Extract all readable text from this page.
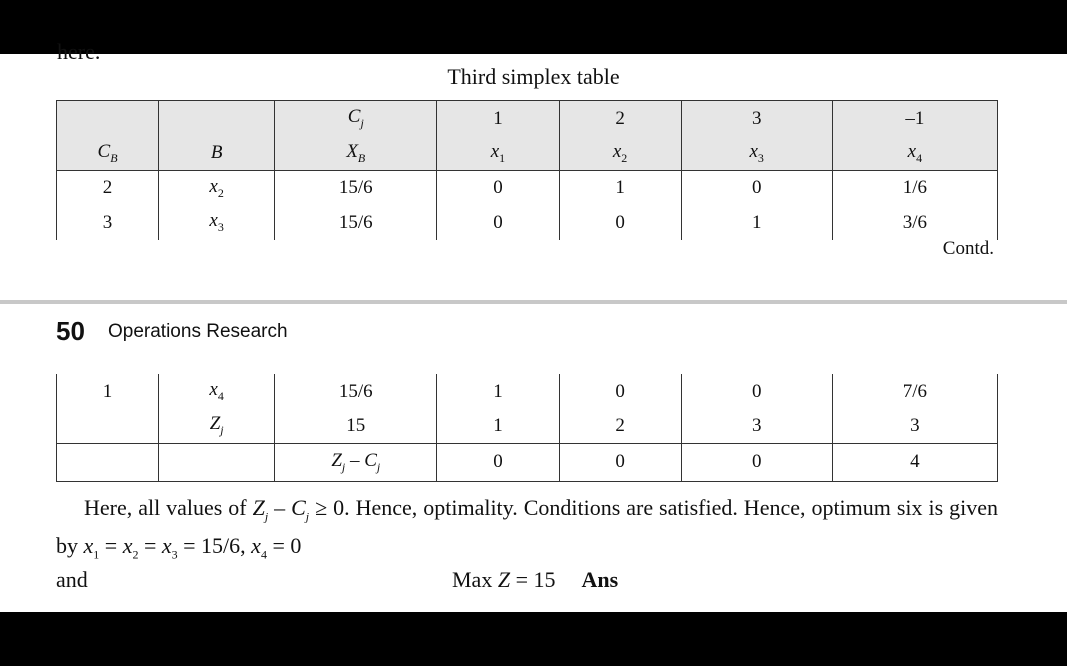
here.
Third simplex table
		$C_j$	1	2	3	–1
$C_B$	B	$X_B$	$x_1$	$x_2$	$x_3$	$x_4$
2	$x_2$	15/6	0	1	0	1/6
3	$x_3$	15/6	0	0	1	3/6
Contd.
50 Operations Research
1	$x_4$	15/6	1	0	0	7/6
	$Z_j$	15	1	2	3	3
		$Z_j - C_j$	0	0	0	4
Here, all values of $Z_j - C_j \ge 0$. Hence, optimality. Conditions are satisfied. Hence, optimum six is given by $x_1 = x_2 = x_3 = 15/6$, $x_4 = 0$
and	Max Z = 15 Ans
